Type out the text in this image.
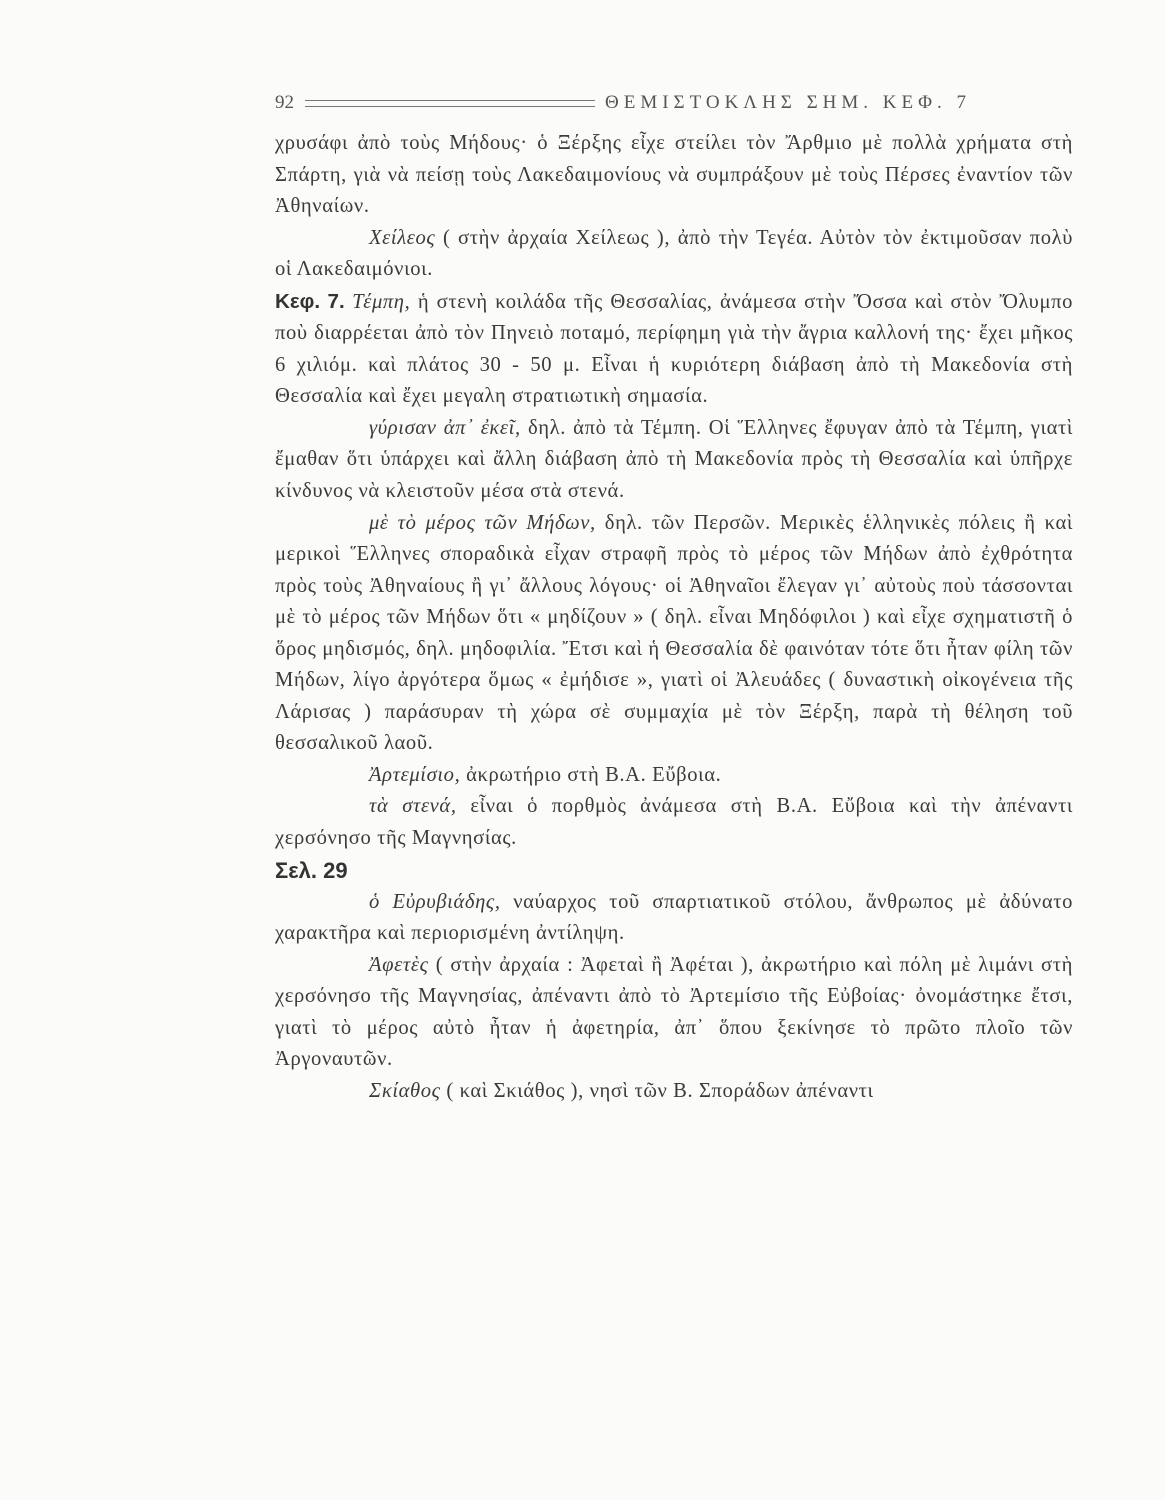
92	ΘΕΜΙΣΤΟΚΛΗΣ ΣΗΜ. ΚΕΦ. 7

χρυσάφι ἀπὸ τοὺς Μήδους· ὁ Ξέρξης εἶχε στείλει τὸν Ἄρθμιο μὲ πολλὰ χρήματα στὴ Σπάρτη, γιὰ νὰ πείσῃ τοὺς Λακεδαιμονίους νὰ συμπράξουν μὲ τοὺς Πέρσες ἐναντίον τῶν Ἀθηναίων.

Χείλεος ( στὴν ἀρχαία Χείλεως ), ἀπὸ τὴν Τεγέα. Αὐτὸν τὸν ἐκτιμοῦσαν πολὺ οἱ Λακεδαιμόνιοι.

Κεφ. 7. Τέμπη, ἡ στενὴ κοιλάδα τῆς Θεσσαλίας, ἀνάμεσα στὴν Ὄσσα καὶ στὸν Ὄλυμπο ποὺ διαρρέεται ἀπὸ τὸν Πηνειὸ ποταμό, περίφημη γιὰ τὴν ἄγρια καλλονή της· ἔχει μῆκος 6 χιλιόμ. καὶ πλάτος 30 - 50 μ. Εἶναι ἡ κυριότερη διάβαση ἀπὸ τὴ Μακεδονία στὴ Θεσσαλία καὶ ἔχει μεγαλη στρατιωτικὴ σημασία.

γύρισαν ἀπ᾽ ἐκεῖ, δηλ. ἀπὸ τὰ Τέμπη. Οἱ Ἕλληνες ἔφυγαν ἀπὸ τὰ Τέμπη, γιατὶ ἔμαθαν ὅτι ὑπάρχει καὶ ἄλλη διάβαση ἀπὸ τὴ Μακεδονία πρὸς τὴ Θεσσαλία καὶ ὑπῆρχε κίνδυνος νὰ κλειστοῦν μέσα στὰ στενά.

μὲ τὸ μέρος τῶν Μήδων, δηλ. τῶν Περσῶν. Μερικὲς ἑλληνικὲς πόλεις ἢ καὶ μερικοὶ Ἕλληνες σποραδικὰ εἶχαν στραφῆ πρὸς τὸ μέρος τῶν Μήδων ἀπὸ ἐχθρότητα πρὸς τοὺς Ἀθηναίους ἢ γι᾽ ἄλλους λόγους· οἱ Ἀθηναῖοι ἔλεγαν γι᾽ αὐτοὺς ποὺ τάσσονται μὲ τὸ μέρος τῶν Μήδων ὅτι « μηδίζουν » ( δηλ. εἶναι Μηδόφιλοι ) καὶ εἶχε σχηματιστῆ ὁ ὅρος μηδισμός, δηλ. μηδοφιλία. Ἔτσι καὶ ἡ Θεσσαλία δὲ φαινόταν τότε ὅτι ἦταν φίλη τῶν Μήδων, λίγο ἀργότερα ὅμως « ἐμήδισε », γιατὶ οἱ Ἀλευάδες ( δυναστικὴ οἰκογένεια τῆς Λάρισας ) παράσυραν τὴ χώρα σὲ συμμαχία μὲ τὸν Ξέρξη, παρὰ τὴ θέληση τοῦ θεσσαλικοῦ λαοῦ.

Ἀρτεμίσιο, ἀκρωτήριο στὴ Β.Α. Εὔβοια.

τὰ στενά, εἶναι ὁ πορθμὸς ἀνάμεσα στὴ Β.Α. Εὔβοια καὶ τὴν ἀπέναντι χερσόνησο τῆς Μαγνησίας.

Σελ. 29

ὁ Εὐρυβιάδης, ναύαρχος τοῦ σπαρτιατικοῦ στόλου, ἄνθρωπος μὲ ἀδύνατο χαρακτῆρα καὶ περιορισμένη ἀντίληψη.

Ἀφετὲς ( στὴν ἀρχαία : Ἀφεταὶ ἢ Ἀφέται ), ἀκρωτήριο καὶ πόλη μὲ λιμάνι στὴ χερσόνησο τῆς Μαγνησίας, ἀπέναντι ἀπὸ τὸ Ἀρτεμίσιο τῆς Εὐβοίας· ὀνομάστηκε ἔτσι, γιατὶ τὸ μέρος αὐτὸ ἦταν ἡ ἀφετηρία, ἀπ᾽ ὅπου ξεκίνησε τὸ πρῶτο πλοῖο τῶν Ἀργοναυτῶν.

Σκίαθος ( καὶ Σκιάθος ), νησὶ τῶν Β. Σποράδων ἀπέναντι
